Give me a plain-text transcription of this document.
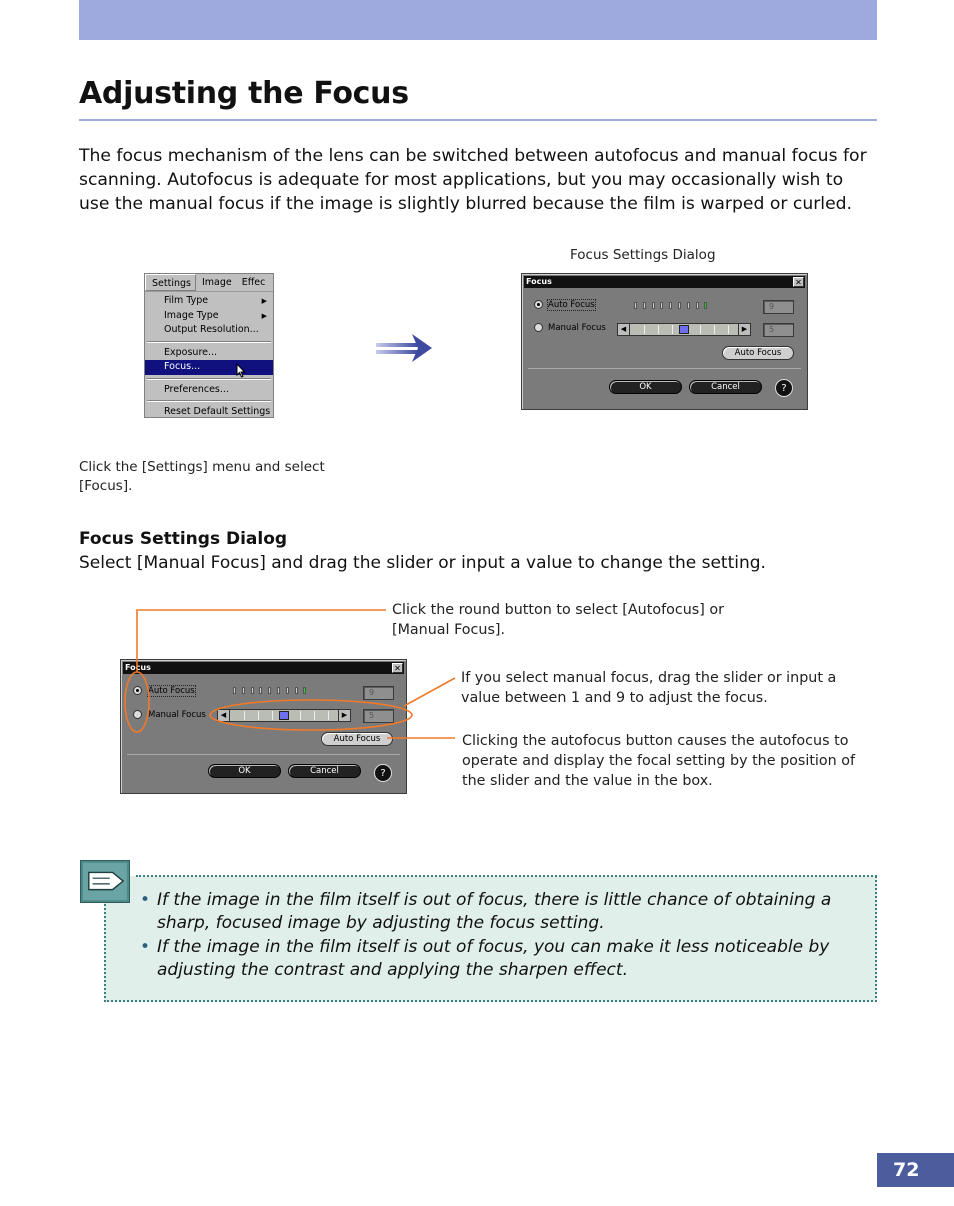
Adjusting the Focus

The focus mechanism of the lens can be switched between autofocus and manual focus for scanning. Autofocus is adequate for most applications, but you may occasionally wish to use the manual focus if the image is slightly blurred because the film is warped or curled.

Focus Settings Dialog
Settings	Image	Effec
Film Type	▶
Image Type	▶
Output Resolution...
Exposure...
Focus...
Preferences...
Reset Default Settings
Focus	✕
Auto Focus	9
Manual Focus	◀	▶	5
Auto Focus
OK	Cancel	?
Click the [Settings] menu and select [Focus].
Focus Settings Dialog
Select [Manual Focus] and drag the slider or input a value to change the setting.
Focus	✕
Auto Focus	9
Manual Focus	◀	▶	5
Auto Focus
OK	Cancel	?
Click the round button to select [Autofocus] or [Manual Focus].
If you select manual focus, drag the slider or input a value between 1 and 9 to adjust the focus.
Clicking the autofocus button causes the autofocus to operate and display the focal setting by the position of the slider and the value in the box.
• If the image in the film itself is out of focus, there is little chance of obtaining a sharp, focused image by adjusting the focus setting.
• If the image in the film itself is out of focus, you can make it less noticeable by adjusting the contrast and applying the sharpen effect.
72
